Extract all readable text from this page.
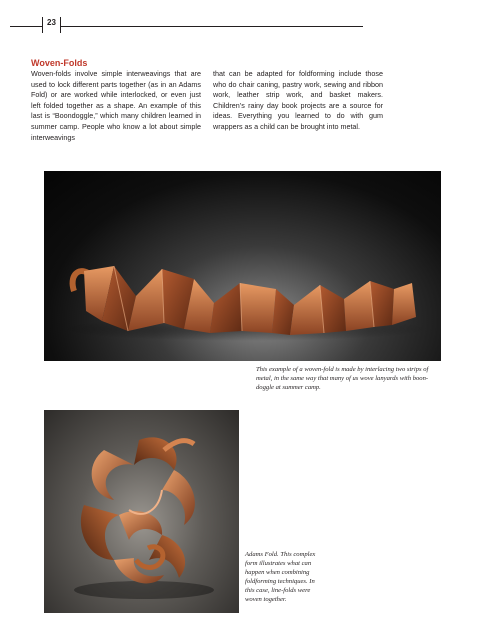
23
Woven-Folds
Woven-folds involve simple interweavings that are used to lock different parts together (as in an Adams Fold) or are worked while interlocked, or even just left folded together as a shape. An example of this last is “Boondoggle,” which many children learned in summer camp. People who know a lot about simple interweavings
that can be adapted for foldforming include those who do chair caning, pastry work, sewing and ribbon work, leather strip work, and basket makers. Children’s rainy day book projects are a source for ideas. Everything you learned to do with gum wrappers as a child can be brought into metal.
This example of a woven-fold is made by interlacing two strips of metal, in the same way that many of us wove lanyards with boon-doggle at summer camp.
Adams Fold. This complex form illustrates what can happen when combining foldforming techniques. In this case, line-folds were woven together.
